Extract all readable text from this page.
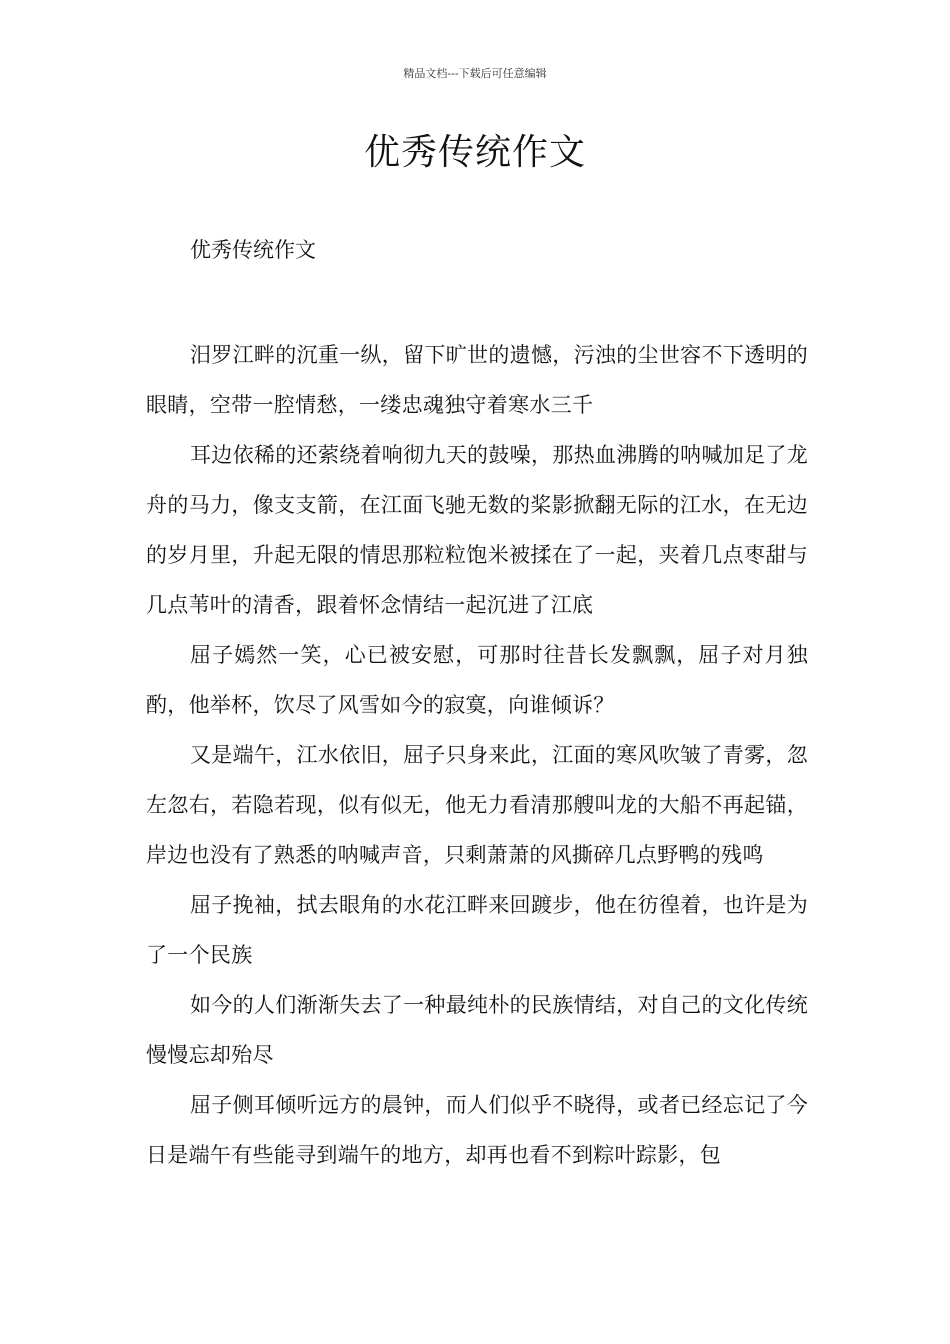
精品文档---下载后可任意编辑
优秀传统作文

优秀传统作文

汨罗江畔的沉重一纵，留下旷世的遗憾，污浊的尘世容不下透明的眼睛，空带一腔情愁，一缕忠魂独守着寒水三千

耳边依稀的还萦绕着响彻九天的鼓噪，那热血沸腾的呐喊加足了龙舟的马力，像支支箭，在江面飞驰无数的桨影掀翻无际的江水，在无边的岁月里，升起无限的情思那粒粒饱米被揉在了一起，夹着几点枣甜与几点苇叶的清香，跟着怀念情结一起沉进了江底

屈子嫣然一笑，心已被安慰，可那时往昔长发飘飘，屈子对月独酌，他举杯，饮尽了风雪如今的寂寞，向谁倾诉？

又是端午，江水依旧，屈子只身来此，江面的寒风吹皱了青雾，忽左忽右，若隐若现，似有似无，他无力看清那艘叫龙的大船不再起锚，岸边也没有了熟悉的呐喊声音，只剩萧萧的风撕碎几点野鸭的残鸣

屈子挽袖，拭去眼角的水花江畔来回踱步，他在彷徨着，也许是为了一个民族

如今的人们渐渐失去了一种最纯朴的民族情结，对自己的文化传统慢慢忘却殆尽

屈子侧耳倾听远方的晨钟，而人们似乎不晓得，或者已经忘记了今日是端午有些能寻到端午的地方，却再也看不到粽叶踪影，包
